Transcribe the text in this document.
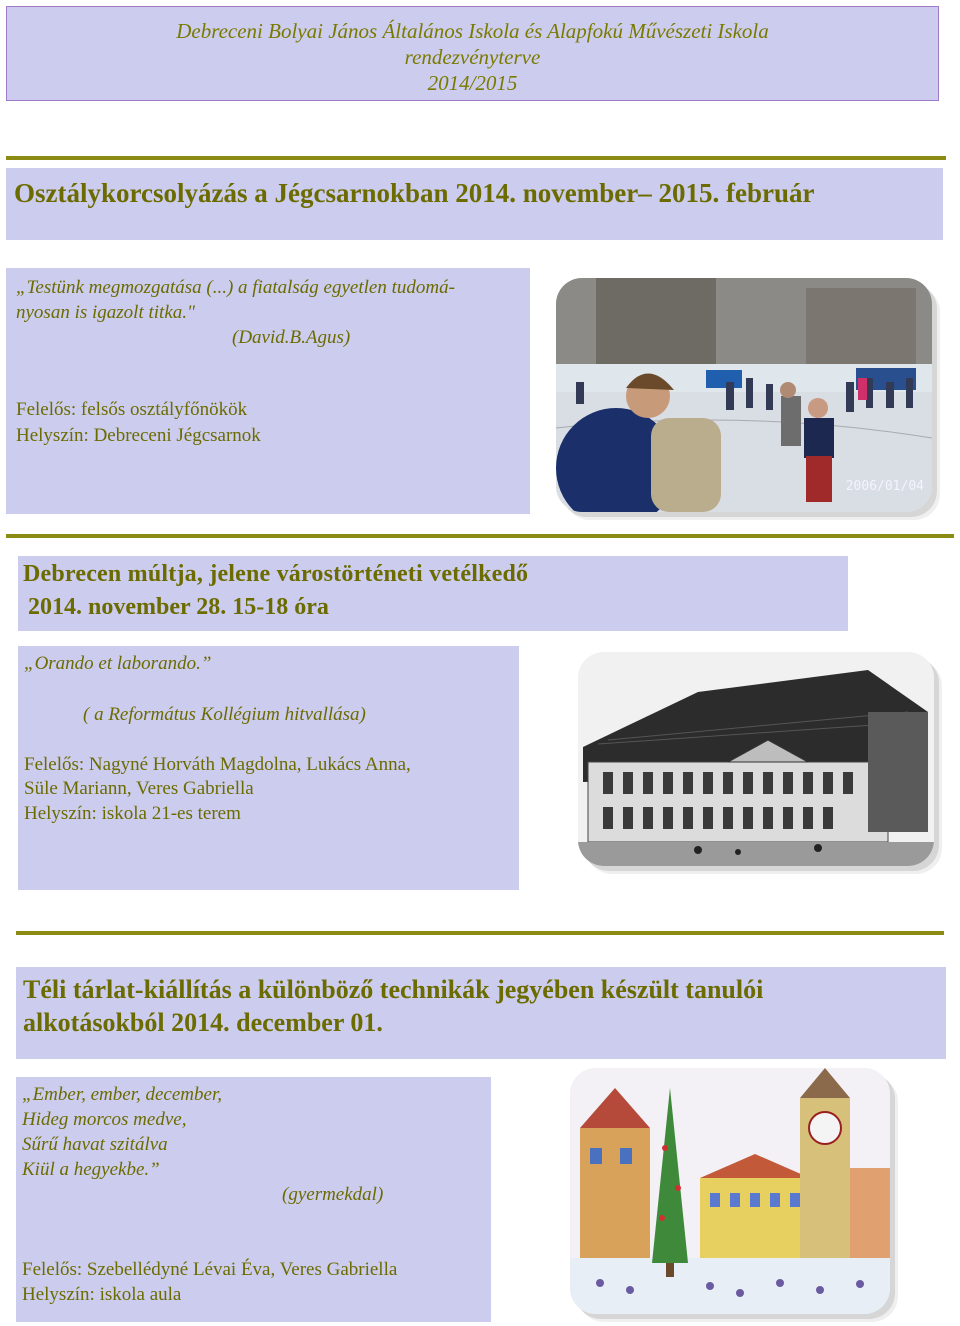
Debreceni Bolyai János Általános Iskola és Alapfokú Művészeti Iskola
rendezvényterve
2014/2015
Osztálykorcsolyázás a Jégcsarnokban 2014. november– 2015. február
„Testünk megmozgatása (...) a fiatalság egyetlen tudomá-
nyosan is igazolt titka."
(David.B.Agus)
Felelős: felsős osztályfőnökök
Helyszín: Debreceni Jégcsarnok
2006/01/04
Debrecen múltja, jelene várostörténeti vetélkedő
2014. november 28. 15-18 óra
„Orando et laborando.”
( a Református Kollégium hitvallása)
Felelős: Nagyné Horváth Magdolna, Lukács Anna,
Süle Mariann, Veres Gabriella
Helyszín: iskola 21-es terem
Téli tárlat-kiállítás a különböző technikák jegyében készült tanulói
alkotásokból 2014. december 01.
„Ember, ember, december,
Hideg morcos medve,
Sűrű havat szitálva
Kiül a hegyekbe.”
(gyermekdal)
Felelős: Szebellédyné Lévai Éva, Veres Gabriella
Helyszín: iskola aula
